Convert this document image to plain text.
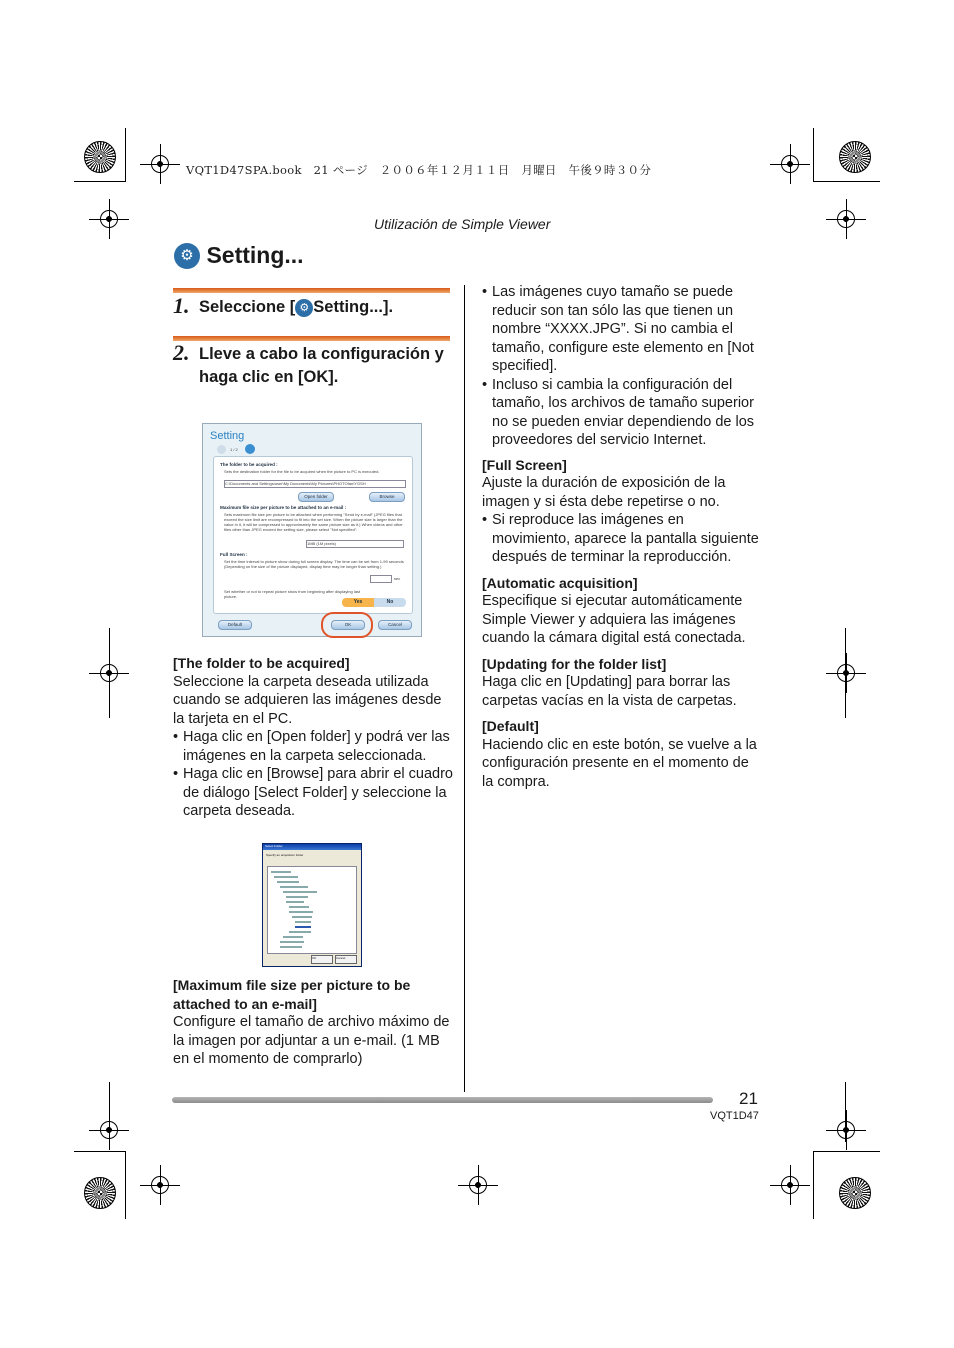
VQT1D47SPA.book　21 ページ　２００６年１２月１１日　月曜日　午後９時３０分
Utilización de Simple Viewer
⚙ Setting...
1. Seleccione [ ⚙ Setting...].
2. Lleve a cabo la configuración y haga clic en [OK].
Setting
1 / 2
The folder to be acquired :
Sets the destination folder for the file to be acquired when the picture to PC is executed.
C:\Documents and Settings\user\My Documents\My Pictures\PHOTOfan\YGSH
Open folder	Browse
Maximum file size per picture to be attached to an e-mail :
Sets maximum file size per picture to be attached when performing "Send by e-mail" (JPEG files that exceed the size limit are recompressed to fit into the set size. When the picture size is larger than the value in it, it will be compressed to approximately the same picture size as it.) When videos and other files other than JPEG exceed the setting size, please select "Not specified".
1MB (1M pixels)
Full Screen :
Set the time interval to picture show during full screen display. The time can be set from 1-99 seconds (Depending on the size of the picture displayed, display time may be longer than setting.)
sec
Set whether or not to repeat picture show from beginning after displaying last picture.
Yes	No
Default	OK	Cancel
[The folder to be acquired]
Seleccione la carpeta deseada utilizada cuando se adquieren las imágenes desde la tarjeta en el PC.
• Haga clic en [Open folder] y podrá ver las imágenes en la carpeta seleccionada.
• Haga clic en [Browse] para abrir el cuadro de diálogo [Select Folder] y seleccione la carpeta deseada.
Select Folder
Specify an acquisition folder
OK	Cancel
[Maximum file size per picture to be attached to an e-mail]
Configure el tamaño de archivo máximo de la imagen por adjuntar a un e-mail. (1 MB en el momento de comprarlo)
• Las imágenes cuyo tamaño se puede reducir son tan sólo las que tienen un nombre “XXXX.JPG”. Si no cambia el tamaño, configure este elemento en [Not specified].
• Incluso si cambia la configuración del tamaño, los archivos de tamaño superior no se pueden enviar dependiendo de los proveedores del servicio Internet.
[Full Screen]
Ajuste la duración de exposición de la imagen y si ésta debe repetirse o no.
• Si reproduce las imágenes en movimiento, aparece la pantalla siguiente después de terminar la reproducción.
[Automatic acquisition]
Especifique si ejecutar automáticamente Simple Viewer y adquiera las imágenes cuando la cámara digital está conectada.
[Updating for the folder list]
Haga clic en [Updating] para borrar las carpetas vacías en la vista de carpetas.
[Default]
Haciendo clic en este botón, se vuelve a la configuración presente en el momento de la compra.
21
VQT1D47
